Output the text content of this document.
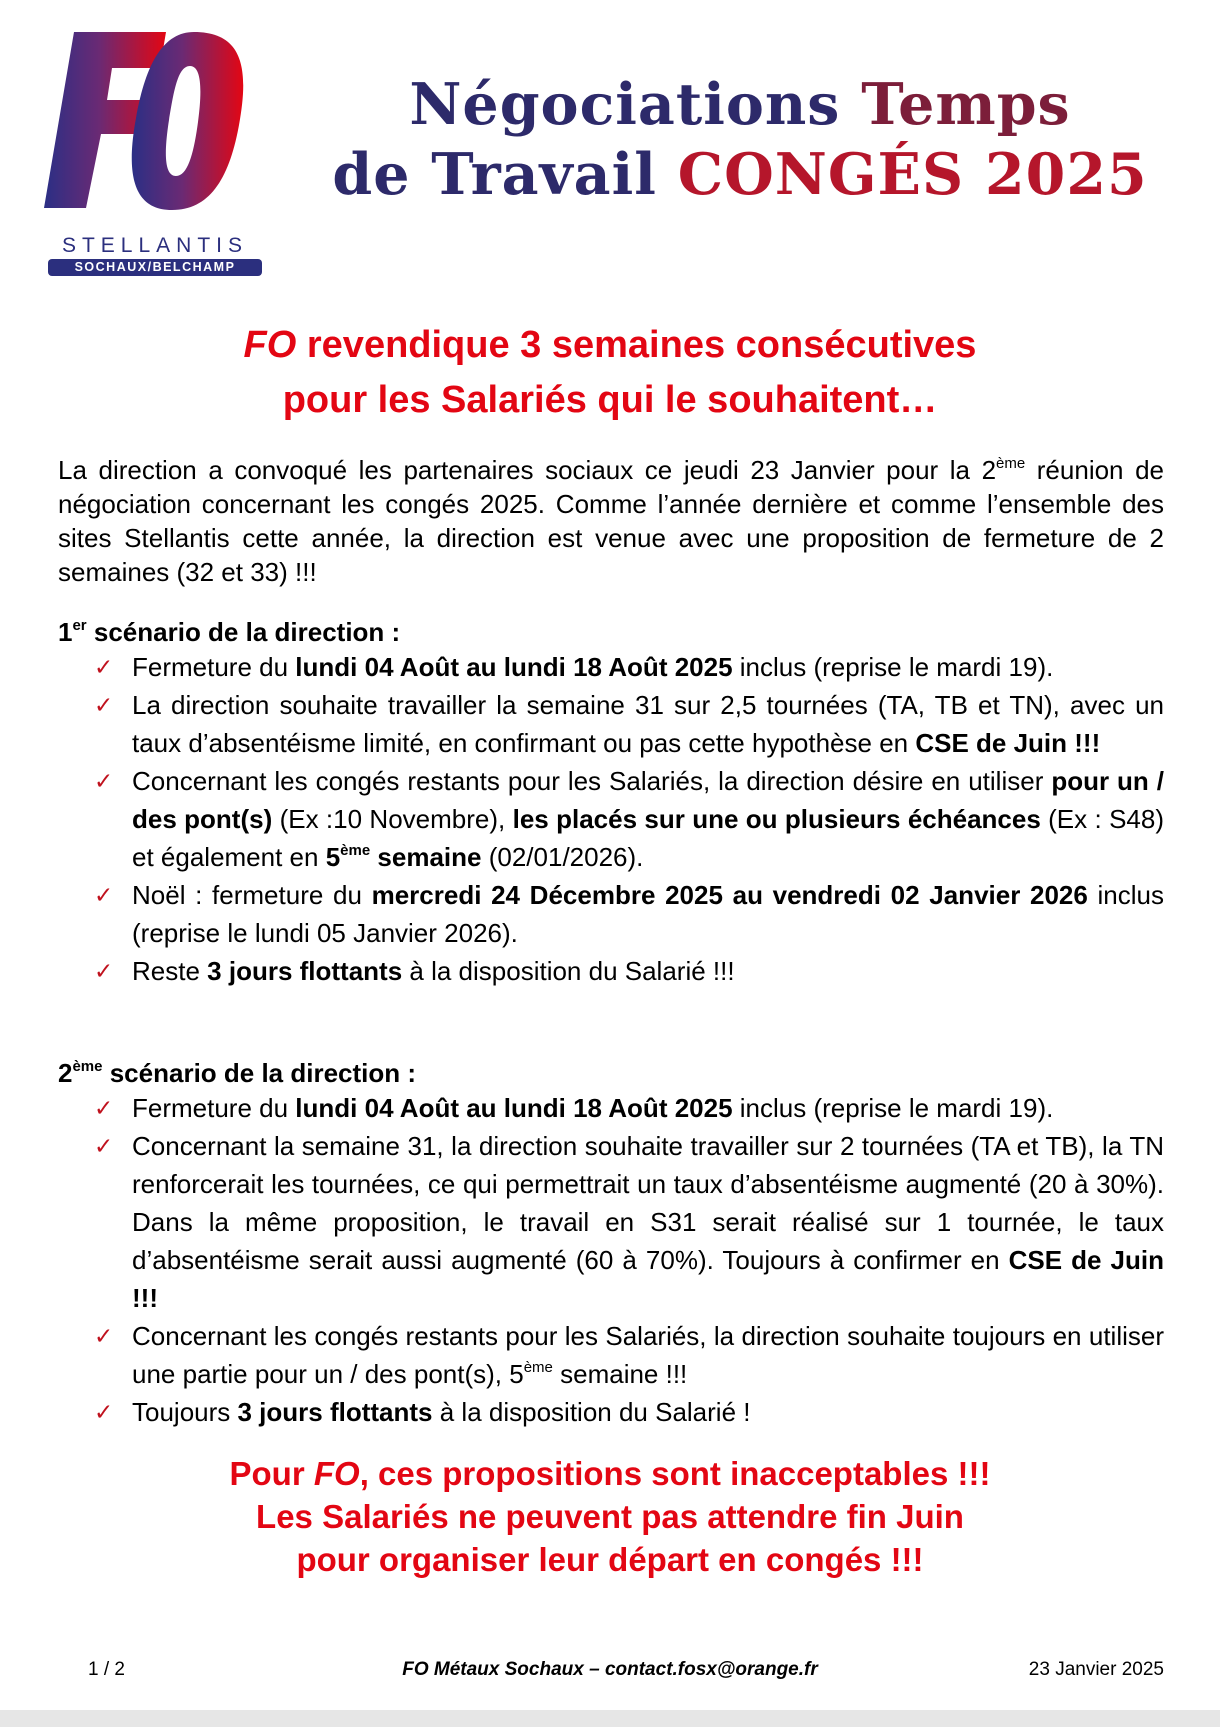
STELLANTIS
SOCHAUX/BELCHAMP
Négociations Temps
de Travail CONGÉS 2025
FO revendique 3 semaines consécutives
pour les Salariés qui le souhaitent…
La direction a convoqué les partenaires sociaux ce jeudi 23 Janvier pour la 2ème réunion de négociation concernant les congés 2025. Comme l’année dernière et comme l’ensemble des sites Stellantis cette année, la direction est venue avec une proposition de fermeture de 2 semaines (32 et 33) !!!
1er scénario de la direction :
✓ Fermeture du lundi 04 Août au lundi 18 Août 2025 inclus (reprise le mardi 19).
✓ La direction souhaite travailler la semaine 31 sur 2,5 tournées (TA, TB et TN), avec un taux d’absentéisme limité, en confirmant ou pas cette hypothèse en CSE de Juin !!!
✓ Concernant les congés restants pour les Salariés, la direction désire en utiliser pour un / des pont(s) (Ex :10 Novembre), les placés sur une ou plusieurs échéances (Ex : S48) et également en 5ème semaine (02/01/2026).
✓ Noël : fermeture du mercredi 24 Décembre 2025 au vendredi 02 Janvier 2026 inclus (reprise le lundi 05 Janvier 2026).
✓ Reste 3 jours flottants à la disposition du Salarié !!!
2ème scénario de la direction :
✓ Fermeture du lundi 04 Août au lundi 18 Août 2025 inclus (reprise le mardi 19).
✓ Concernant la semaine 31, la direction souhaite travailler sur 2 tournées (TA et TB), la TN renforcerait les tournées, ce qui permettrait un taux d’absentéisme augmenté (20 à 30%). Dans la même proposition, le travail en S31 serait réalisé sur 1 tournée, le taux d’absentéisme serait aussi augmenté (60 à 70%). Toujours à confirmer en CSE de Juin !!!
✓ Concernant les congés restants pour les Salariés, la direction souhaite toujours en utiliser une partie pour un / des pont(s), 5ème semaine !!!
✓ Toujours 3 jours flottants à la disposition du Salarié !
Pour FO, ces propositions sont inacceptables !!!
Les Salariés ne peuvent pas attendre fin Juin
pour organiser leur départ en congés !!!
1 / 2	FO Métaux Sochaux – contact.fosx@orange.fr	23 Janvier 2025
